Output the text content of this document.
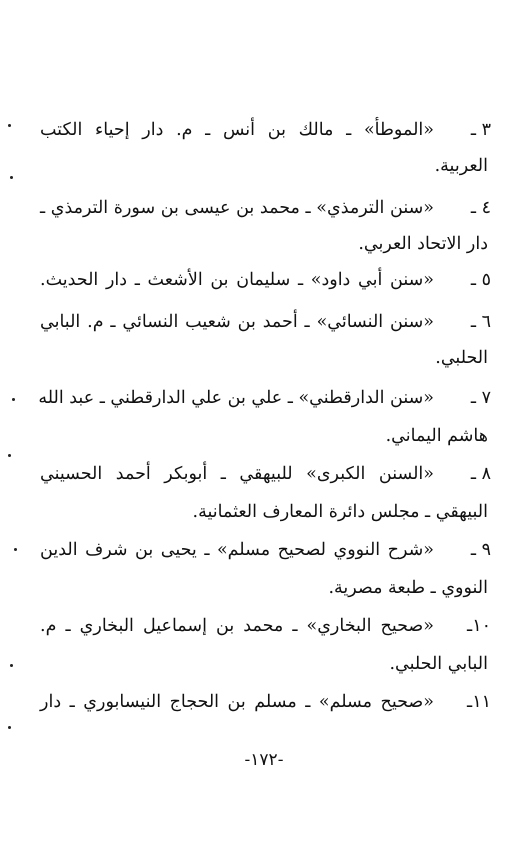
٣ ـ
«الموطأ» ـ مالك بن أنس ـ م. دار إحياء الكتب
العربية.
٤ ـ
«سنن الترمذي» ـ محمد بن عيسى بن سورة الترمذي ـ
دار الاتحاد العربي.
٥ ـ
«سنن أبي داود» ـ سليمان بن الأشعث ـ دار الحديث.
٦ ـ
«سنن النسائي» ـ أحمد بن شعيب النسائي ـ م. البابي
الحلبي.
٧ ـ
«سنن الدارقطني» ـ علي بن علي الدارقطني ـ عبد الله
هاشم اليماني.
٨ ـ
«السنن الكبرى» للبيهقي ـ أبوبكر أحمد الحسيني
البيهقي ـ مجلس دائرة المعارف العثمانية.
٩ ـ
«شرح النووي لصحيح مسلم» ـ يحيى بن شرف الدين
النووي ـ طبعة مصرية.
١٠ـ
«صحيح البخاري» ـ محمد بن إسماعيل البخاري ـ م.
البابي الحلبي.
١١ـ
«صحيح مسلم» ـ مسلم بن الحجاج النيسابوري ـ دار
-١٧٢-
